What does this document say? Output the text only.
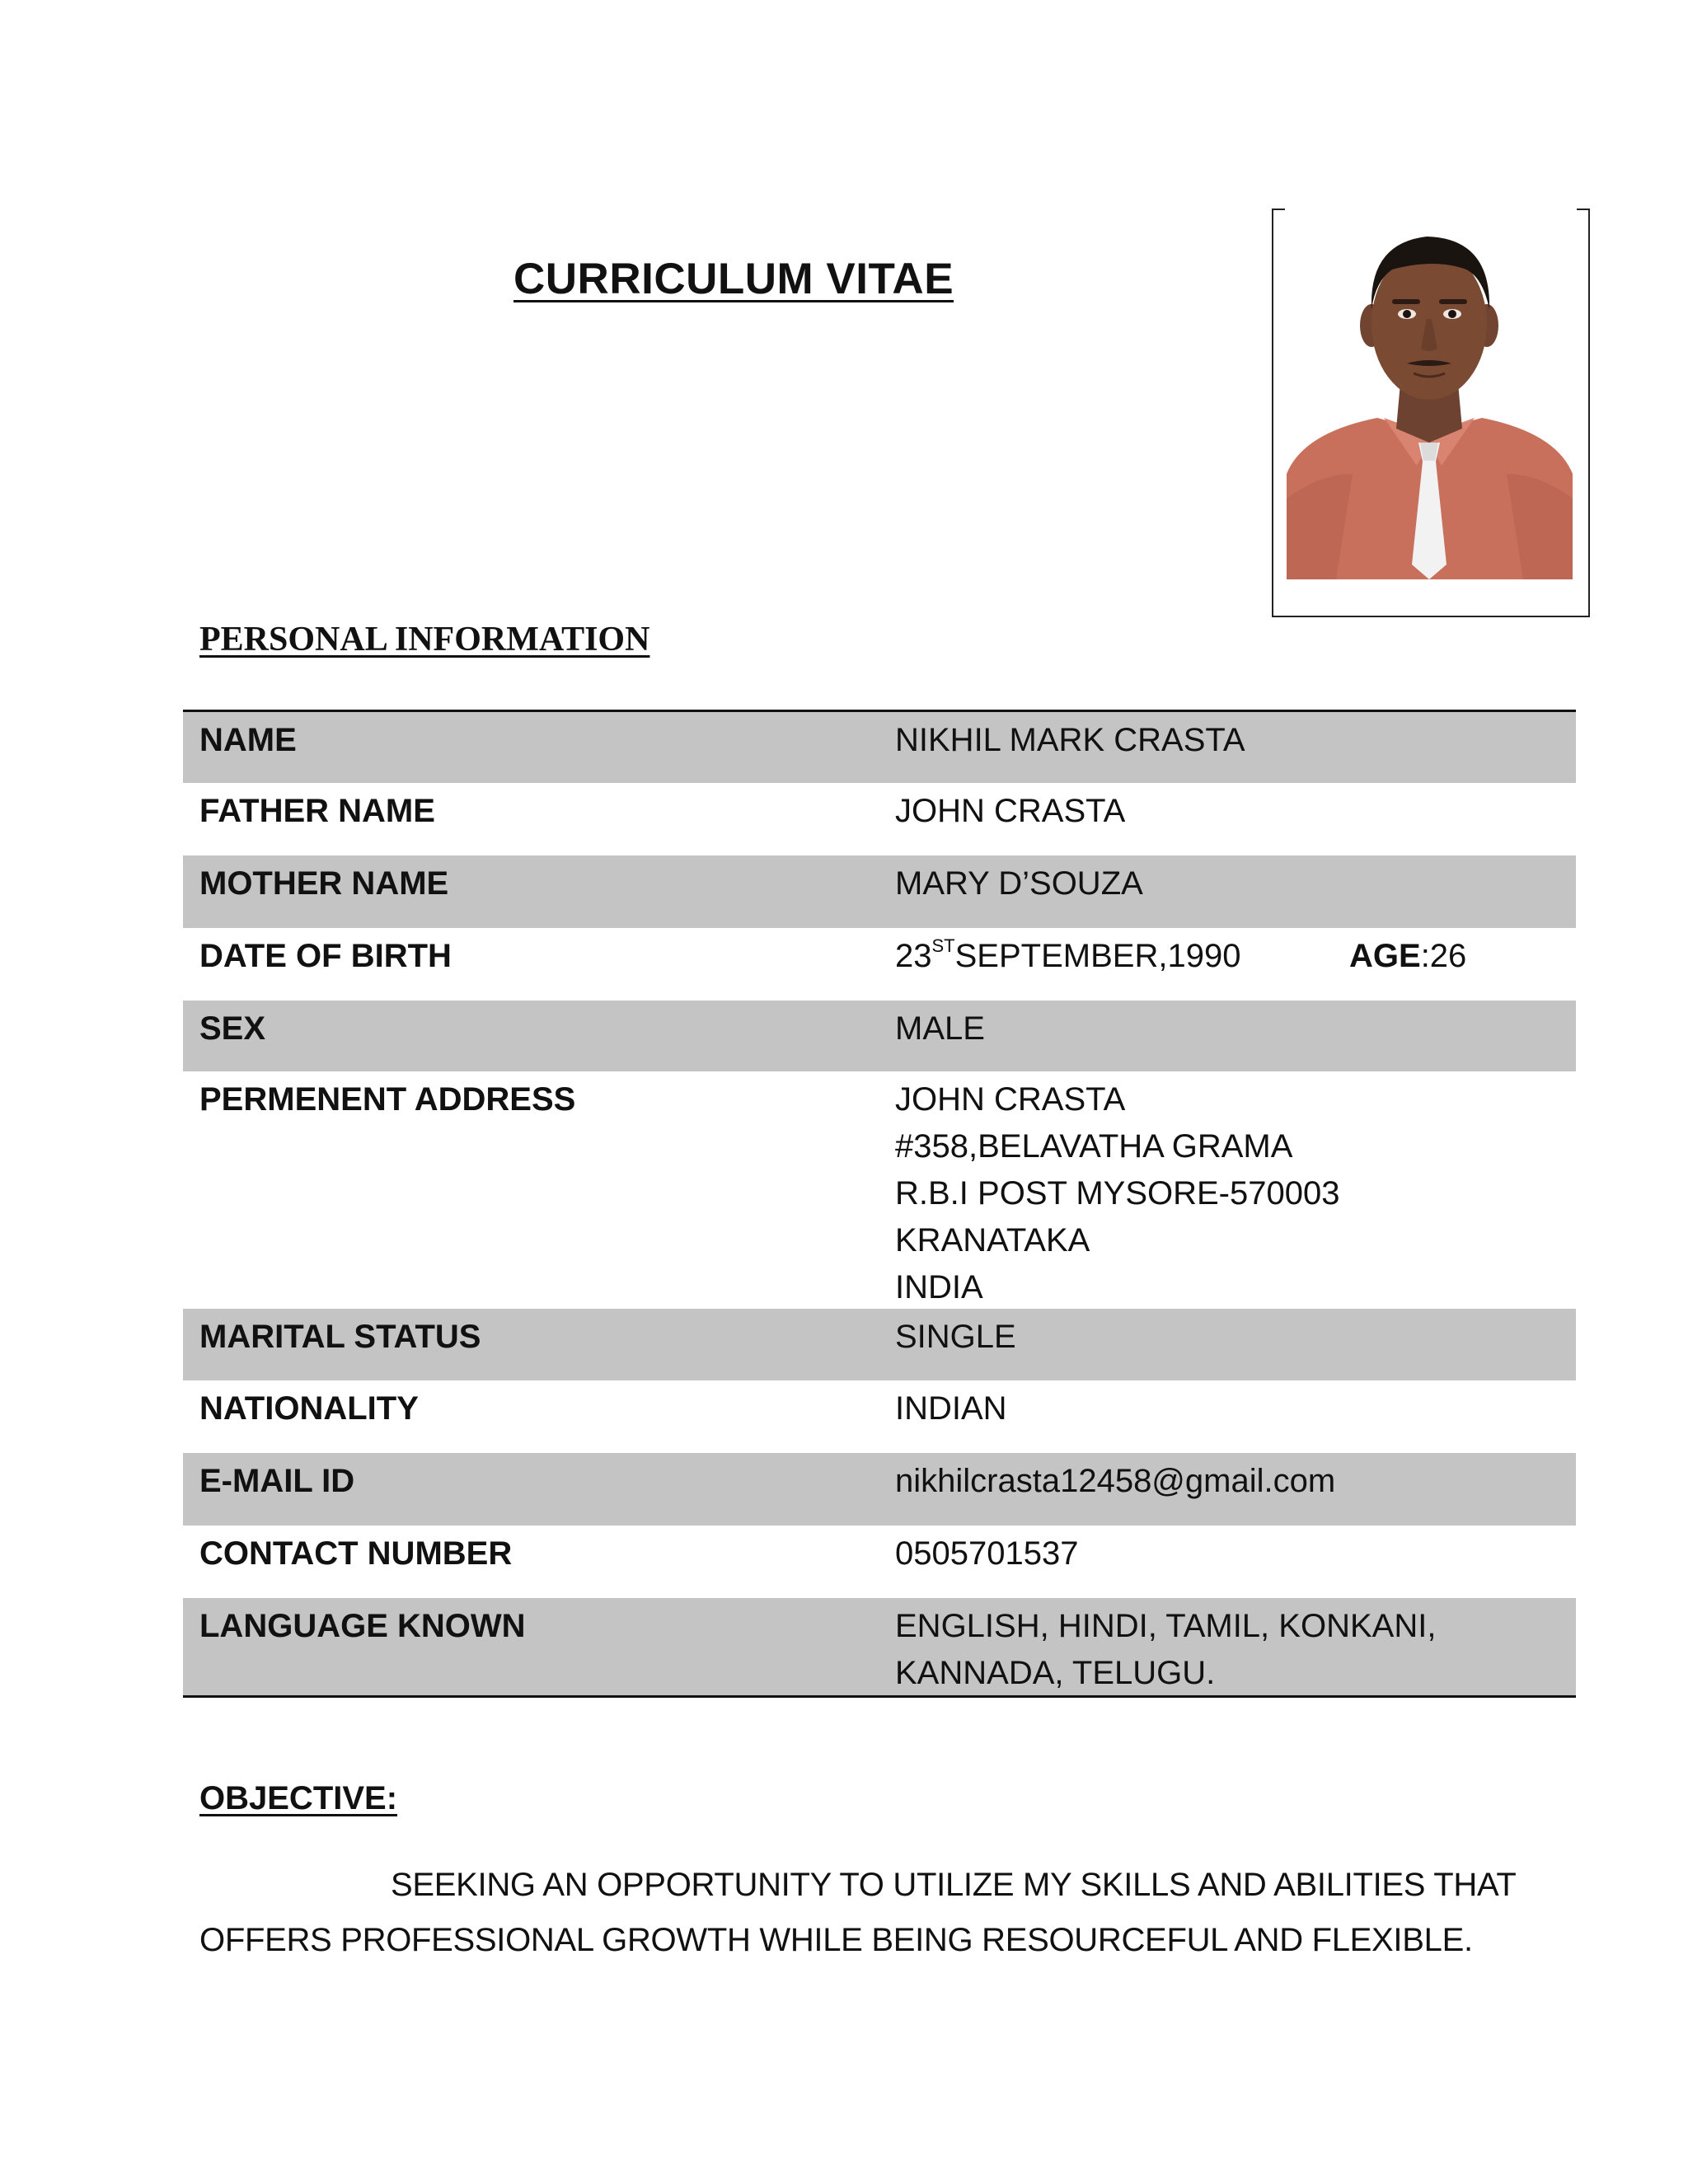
CURRICULUM VITAE
PERSONAL INFORMATION
NAME	NIKHIL MARK CRASTA
FATHER NAME	JOHN CRASTA
MOTHER NAME	MARY D’SOUZA
DATE OF BIRTH	23STSEPTEMBER,1990	AGE:26
SEX	MALE
PERMENENT ADDRESS	JOHN CRASTA
#358,BELAVATHA GRAMA
R.B.I POST MYSORE-570003
KRANATAKA
INDIA
MARITAL STATUS	SINGLE
NATIONALITY	INDIAN
E-MAIL ID	nikhilcrasta12458@gmail.com
CONTACT NUMBER	0505701537
LANGUAGE KNOWN	ENGLISH, HINDI, TAMIL, KONKANI,
KANNADA, TELUGU.
OBJECTIVE:
SEEKING AN OPPORTUNITY TO UTILIZE MY SKILLS AND ABILITIES THAT OFFERS PROFESSIONAL GROWTH WHILE BEING RESOURCEFUL AND FLEXIBLE.
